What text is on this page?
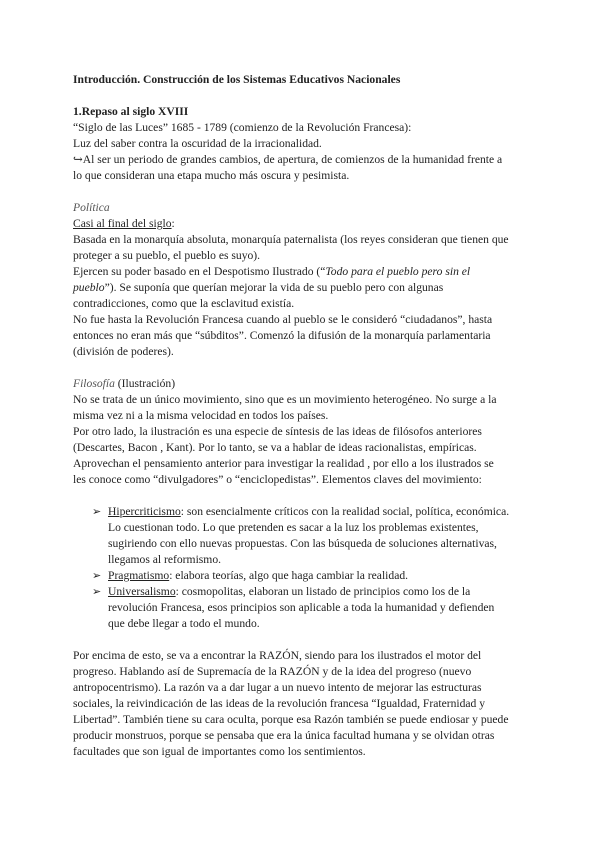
Introducción. Construcción de los Sistemas Educativos Nacionales
1.Repaso al siglo XVIII
“Siglo de las Luces” 1685 - 1789 (comienzo de la Revolución Francesa):
Luz del saber contra la oscuridad de la irracionalidad.
↪Al ser un periodo de grandes cambios, de apertura, de comienzos de la humanidad frente a
lo que consideran una etapa mucho más oscura y pesimista.
Política
Casi al final del siglo:
Basada en la monarquía absoluta, monarquía paternalista (los reyes consideran que tienen que
proteger a su pueblo, el pueblo es suyo).
Ejercen su poder basado en el Despotismo Ilustrado (“Todo para el pueblo pero sin el
pueblo”). Se suponía que querían mejorar la vida de su pueblo pero con algunas
contradicciones, como que la esclavitud existía.
No fue hasta la Revolución Francesa cuando al pueblo se le consideró “ciudadanos”, hasta
entonces no eran más que “súbditos”. Comenzó la difusión de la monarquía parlamentaria
(división de poderes).
Filosofía (Ilustración)
No se trata de un único movimiento, sino que es un movimiento heterogéneo. No surge a la
misma vez ni a la misma velocidad en todos los países.
Por otro lado, la ilustración es una especie de síntesis de las ideas de filósofos anteriores
(Descartes, Bacon , Kant). Por lo tanto, se va a hablar de ideas racionalistas, empíricas.
Aprovechan el pensamiento anterior para investigar la realidad , por ello a los ilustrados se
les conoce como “divulgadores” o “enciclopedistas”. Elementos claves del movimiento:
➢ Hipercriticismo: son esencialmente críticos con la realidad social, política, económica.
Lo cuestionan todo. Lo que pretenden es sacar a la luz los problemas existentes,
sugiriendo con ello nuevas propuestas. Con las búsqueda de soluciones alternativas,
llegamos al reformismo.
➢ Pragmatismo: elabora teorías, algo que haga cambiar la realidad.
➢ Universalismo: cosmopolitas, elaboran un listado de principios como los de la
revolución Francesa, esos principios son aplicable a toda la humanidad y defienden
que debe llegar a todo el mundo.
Por encima de esto, se va a encontrar la RAZÓN, siendo para los ilustrados el motor del
progreso. Hablando así de Supremacía de la RAZÓN y de la idea del progreso (nuevo
antropocentrismo). La razón va a dar lugar a un nuevo intento de mejorar las estructuras
sociales, la reivindicación de las ideas de la revolución francesa “Igualdad, Fraternidad y
Libertad”. También tiene su cara oculta, porque esa Razón también se puede endiosar y puede
producir monstruos, porque se pensaba que era la única facultad humana y se olvidan otras
facultades que son igual de importantes como los sentimientos.
